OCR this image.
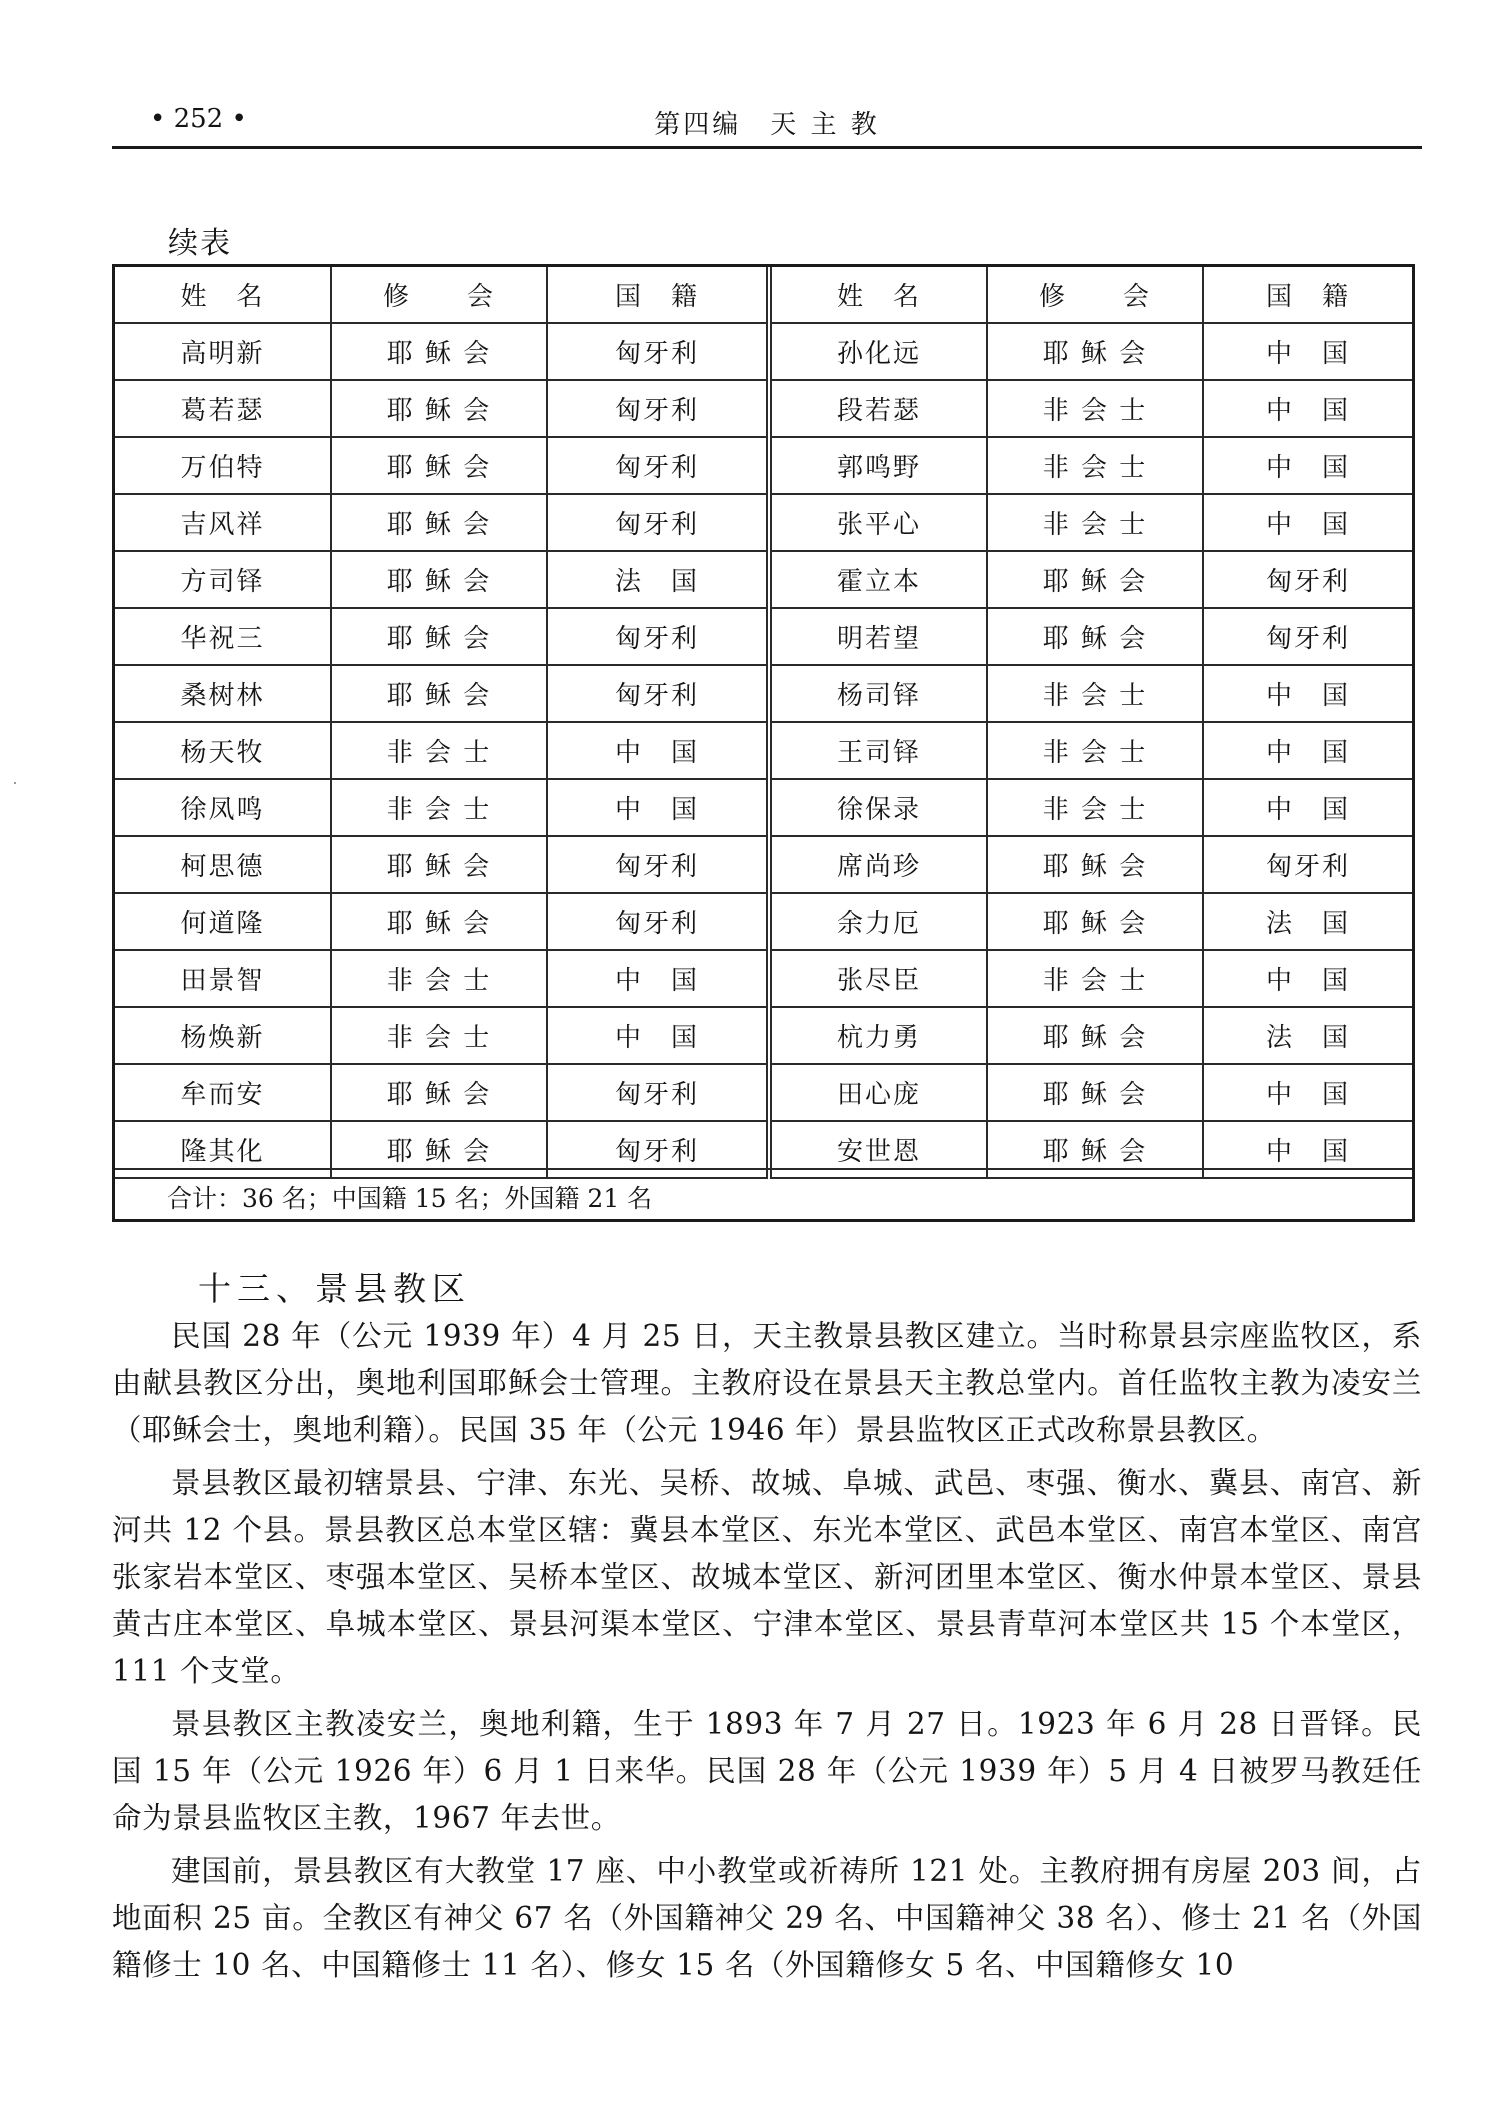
• 252 •	第四编　天 主 教
续表
姓　名	修　　会	国　籍	姓　名	修　　会	国　籍
高明新	耶 稣 会	匈牙利	孙化远	耶 稣 会	中　国
葛若瑟	耶 稣 会	匈牙利	段若瑟	非 会 士	中　国
万伯特	耶 稣 会	匈牙利	郭鸣野	非 会 士	中　国
吉风祥	耶 稣 会	匈牙利	张平心	非 会 士	中　国
方司铎	耶 稣 会	法　国	霍立本	耶 稣 会	匈牙利
华祝三	耶 稣 会	匈牙利	明若望	耶 稣 会	匈牙利
桑树林	耶 稣 会	匈牙利	杨司铎	非 会 士	中　国
杨天牧	非 会 士	中　国	王司铎	非 会 士	中　国
徐凤鸣	非 会 士	中　国	徐保录	非 会 士	中　国
柯思德	耶 稣 会	匈牙利	席尚珍	耶 稣 会	匈牙利
何道隆	耶 稣 会	匈牙利	余力厄	耶 稣 会	法　国
田景智	非 会 士	中　国	张尽臣	非 会 士	中　国
杨焕新	非 会 士	中　国	杭力勇	耶 稣 会	法　国
牟而安	耶 稣 会	匈牙利	田心庞	耶 稣 会	中　国
隆其化	耶 稣 会	匈牙利	安世恩	耶 稣 会	中　国
合计：36 名；中国籍 15 名；外国籍 21 名
十三、景县教区

民国 28 年（公元 1939 年）4 月 25 日，天主教景县教区建立。当时称景县宗座监牧区，系由献县教区分出，奥地利国耶稣会士管理。主教府设在景县天主教总堂内。首任监牧主教为凌安兰（耶稣会士，奥地利籍）。民国 35 年（公元 1946 年）景县监牧区正式改称景县教区。

景县教区最初辖景县、宁津、东光、吴桥、故城、阜城、武邑、枣强、衡水、冀县、南宫、新河共 12 个县。景县教区总本堂区辖：冀县本堂区、东光本堂区、武邑本堂区、南宫本堂区、南宫张家岩本堂区、枣强本堂区、吴桥本堂区、故城本堂区、新河团里本堂区、衡水仲景本堂区、景县黄古庄本堂区、阜城本堂区、景县河渠本堂区、宁津本堂区、景县青草河本堂区共 15 个本堂区，111 个支堂。

景县教区主教凌安兰，奥地利籍，生于 1893 年 7 月 27 日。1923 年 6 月 28 日晋铎。民国 15 年（公元 1926 年）6 月 1 日来华。民国 28 年（公元 1939 年）5 月 4 日被罗马教廷任命为景县监牧区主教，1967 年去世。

建国前，景县教区有大教堂 17 座、中小教堂或祈祷所 121 处。主教府拥有房屋 203 间，占地面积 25 亩。全教区有神父 67 名（外国籍神父 29 名、中国籍神父 38 名）、修士 21 名（外国籍修士 10 名、中国籍修士 11 名）、修女 15 名（外国籍修女 5 名、中国籍修女 10
